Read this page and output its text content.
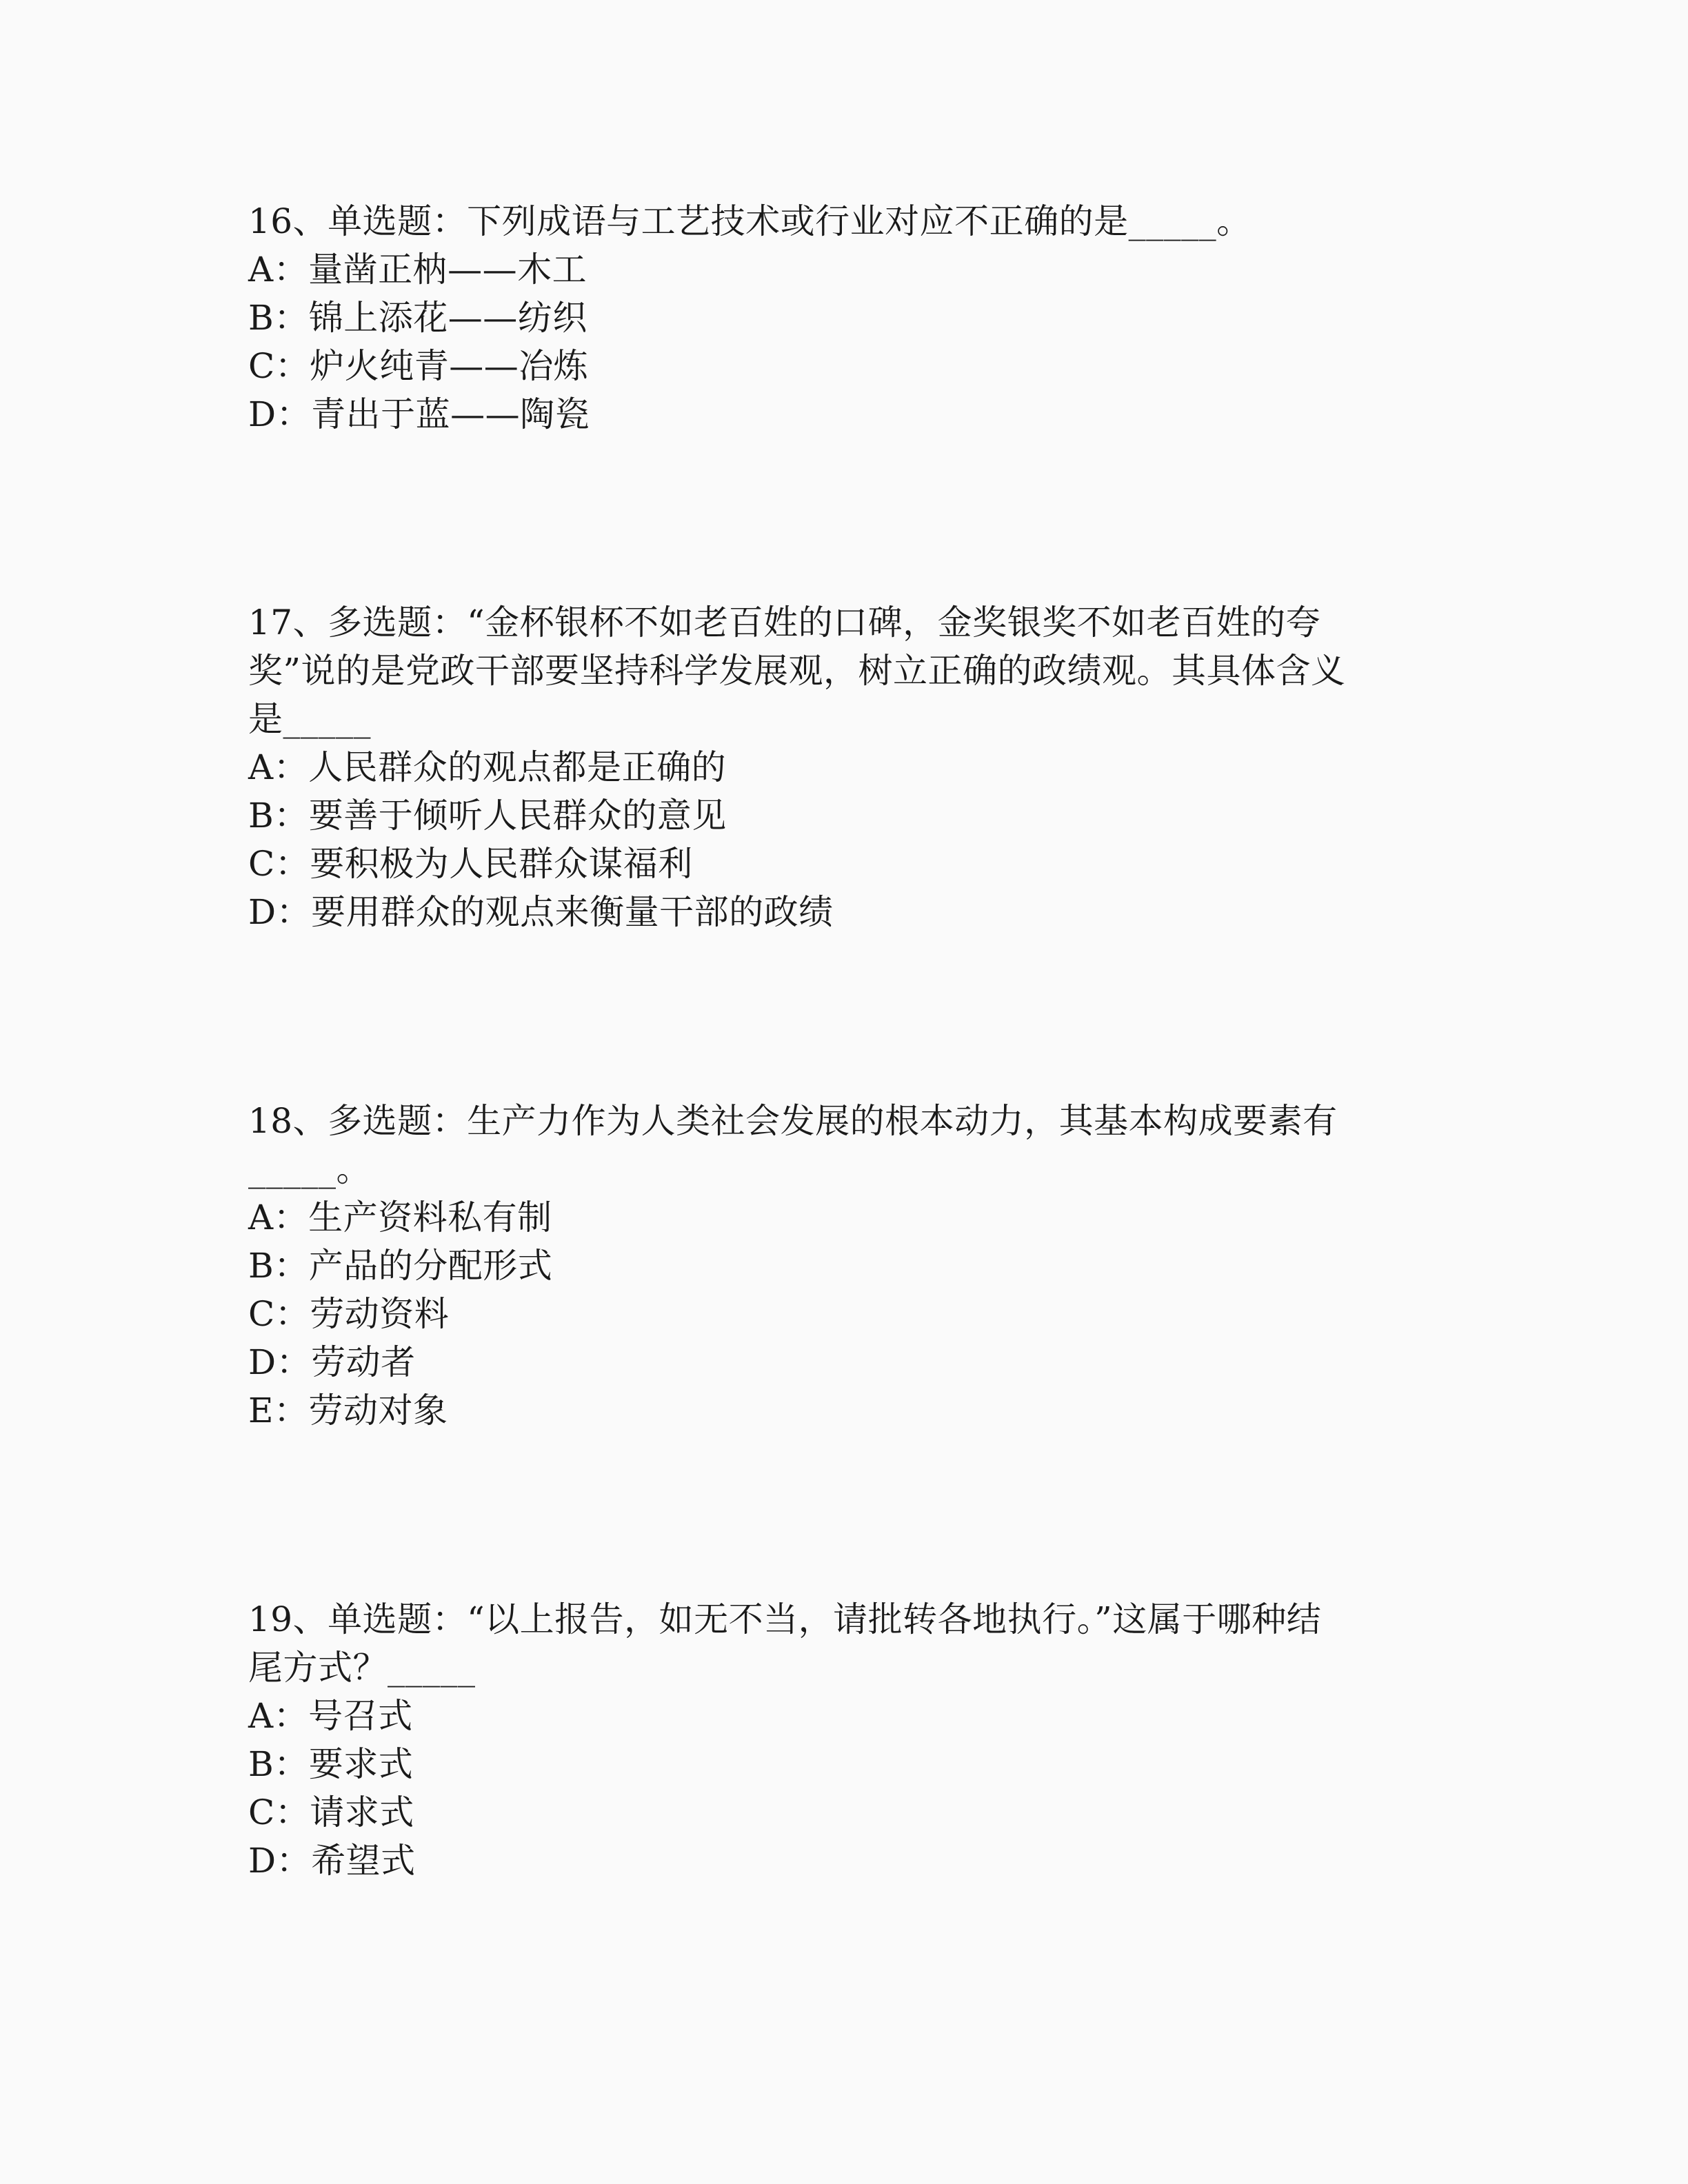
16、单选题：下列成语与工艺技术或行业对应不正确的是_____。
A：量凿正枘——木工
B：锦上添花——纺织
C：炉火纯青——冶炼
D：青出于蓝——陶瓷
17、多选题：“金杯银杯不如老百姓的口碑，金奖银奖不如老百姓的夸
奖”说的是党政干部要坚持科学发展观，树立正确的政绩观。其具体含义
是_____
A：人民群众的观点都是正确的
B：要善于倾听人民群众的意见
C：要积极为人民群众谋福利
D：要用群众的观点来衡量干部的政绩
18、多选题：生产力作为人类社会发展的根本动力，其基本构成要素有
_____。
A：生产资料私有制
B：产品的分配形式
C：劳动资料
D：劳动者
E：劳动对象
19、单选题：“以上报告，如无不当，请批转各地执行。”这属于哪种结
尾方式？_____
A：号召式
B：要求式
C：请求式
D：希望式
